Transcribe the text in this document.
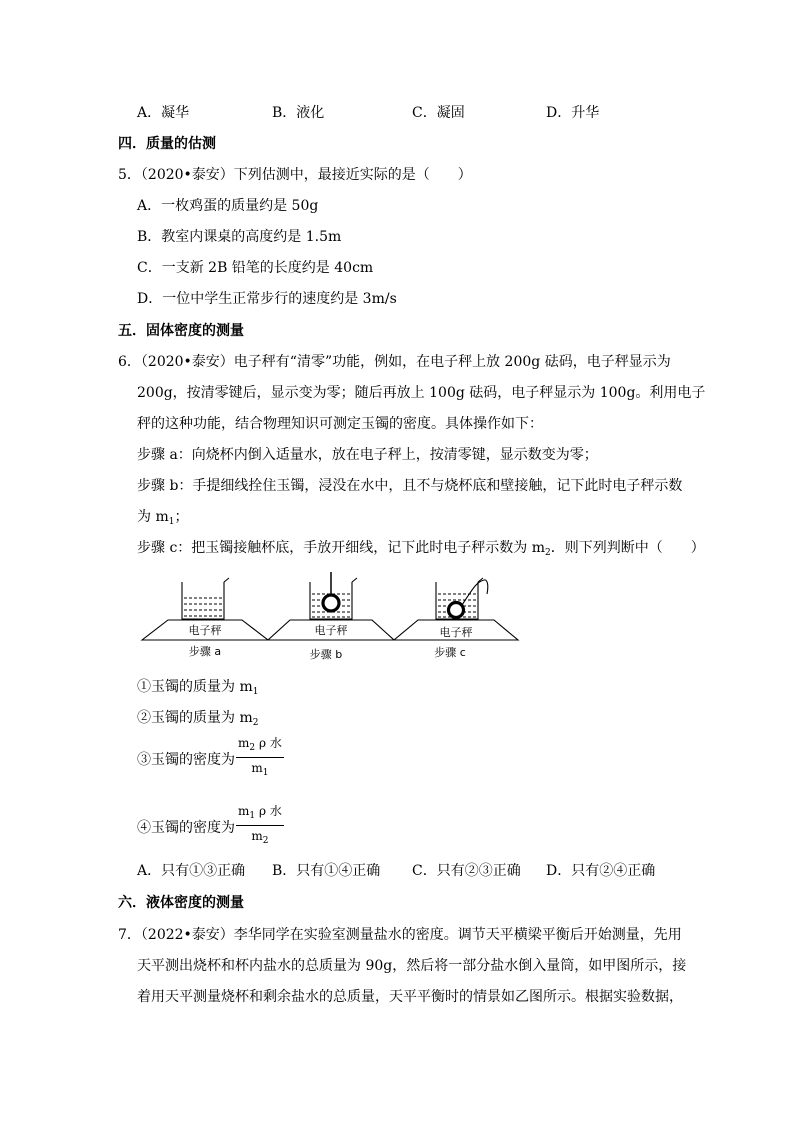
A．凝华	B．液化	C．凝固	D．升华
四．质量的估测
5．（2020•泰安）下列估测中，最接近实际的是（　　）
A．一枚鸡蛋的质量约是 50g
B．教室内课桌的高度约是 1.5m
C．一支新 2B 铅笔的长度约是 40cm
D．一位中学生正常步行的速度约是 3m/s
五．固体密度的测量
6．（2020•泰安）电子秤有“清零”功能，例如，在电子秤上放 200g 砝码，电子秤显示为
200g，按清零键后，显示变为零；随后再放上 100g 砝码，电子秤显示为 100g。利用电子
秤的这种功能，结合物理知识可测定玉镯的密度。具体操作如下：
步骤 a：向烧杯内倒入适量水，放在电子秤上，按清零键，显示数变为零；
步骤 b：手提细线拴住玉镯，浸没在水中，且不与烧杯底和壁接触，记下此时电子秤示数
为 $m_1$；
步骤 c：把玉镯接触杯底，手放开细线，记下此时电子秤示数为 $m_2$．则下列判断中（　　）
电子秤	电子秤	电子秤
步骤 a	步骤 b	步骤 c
①玉镯的质量为 $m_1$
②玉镯的质量为 $m_2$
③玉镯的密度为 $\frac{m_2 \rho 水}{m_1}$
④玉镯的密度为 $\frac{m_1 \rho 水}{m_2}$
A．只有①③正确 B．只有①④正确 C．只有②③正确 D．只有②④正确
六．液体密度的测量
7．（2022•泰安）李华同学在实验室测量盐水的密度。调节天平横梁平衡后开始测量，先用
天平测出烧杯和杯内盐水的总质量为 90g，然后将一部分盐水倒入量筒，如甲图所示，接
着用天平测量烧杯和剩余盐水的总质量，天平平衡时的情景如乙图所示。根据实验数据，
